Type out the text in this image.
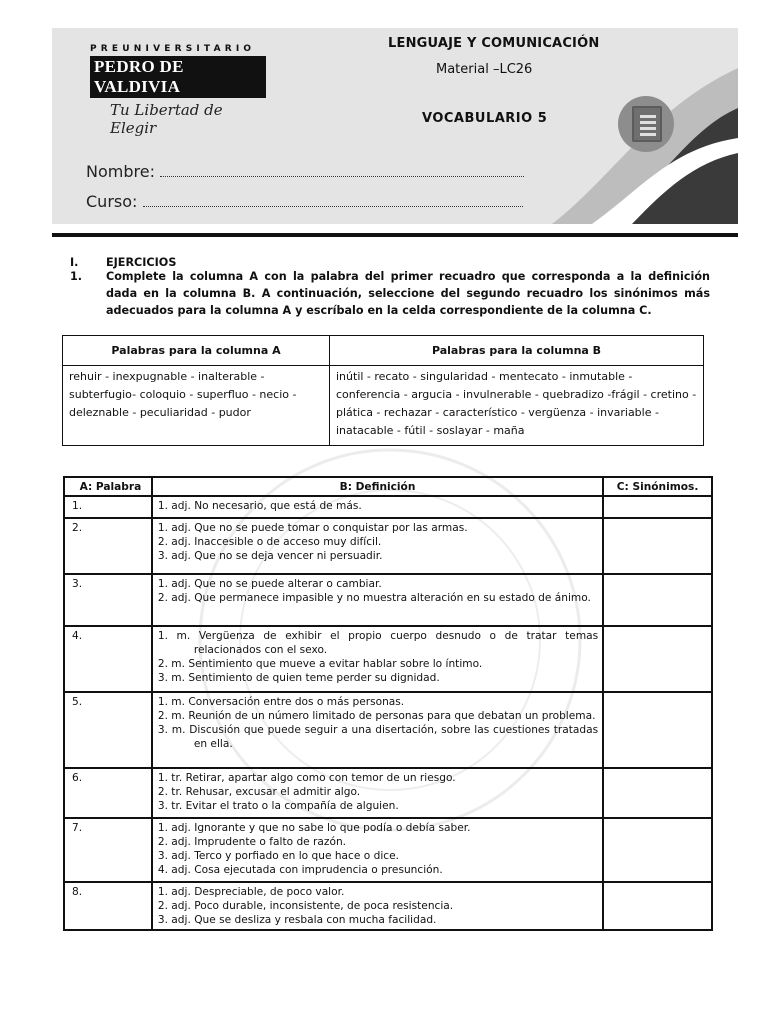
PREUNIVERSITARIO
PEDRO DE VALDIVIA
Tu Libertad de Elegir
LENGUAJE Y COMUNICACIÓN
Material –LC26
VOCABULARIO 5
Nombre:
Curso:
I. EJERCICIOS
1. Complete la columna A con la palabra del primer recuadro que corresponda a la definición dada en la columna B. A continuación, seleccione del segundo recuadro los sinónimos más adecuados para la columna A y escríbalo en la celda correspondiente de la columna C.
Palabras para la columna A	Palabras para la columna B
rehuir - inexpugnable - inalterable - subterfugio- coloquio - superfluo - necio - deleznable - peculiaridad - pudor	inútil - recato - singularidad - mentecato - inmutable - conferencia - argucia - invulnerable - quebradizo -frágil - cretino - plática - rechazar - característico - vergüenza - invariable - inatacable - fútil - soslayar - maña
A: Palabra	B: Definición	C: Sinónimos.
1.	1. adj. No necesario, que está de más.	

2.	1. adj. Que no se puede tomar o conquistar por las armas.
2. adj. Inaccesible o de acceso muy difícil.
3. adj. Que no se deja vencer ni persuadir.	

3.	1. adj. Que no se puede alterar o cambiar.
2. adj. Que permanece impasible y no muestra alteración en su estado de ánimo.	

4.	1. m. Vergüenza de exhibir el propio cuerpo desnudo o de tratar temas relacionados con el sexo.
2. m. Sentimiento que mueve a evitar hablar sobre lo íntimo.
3. m. Sentimiento de quien teme perder su dignidad.	

5.	1. m. Conversación entre dos o más personas.
2. m. Reunión de un número limitado de personas para que debatan un problema.
3. m. Discusión que puede seguir a una disertación, sobre las cuestiones tratadas en ella.	

6.	1. tr. Retirar, apartar algo como con temor de un riesgo.
2. tr. Rehusar, excusar el admitir algo.
3. tr. Evitar el trato o la compañía de alguien.	

7.	1. adj. Ignorante y que no sabe lo que podía o debía saber.
2. adj. Imprudente o falto de razón.
3. adj. Terco y porfiado en lo que hace o dice.
4. adj. Cosa ejecutada con imprudencia o presunción.	

8.	1. adj. Despreciable, de poco valor.
2. adj. Poco durable, inconsistente, de poca resistencia.
3. adj. Que se desliza y resbala con mucha facilidad.	
